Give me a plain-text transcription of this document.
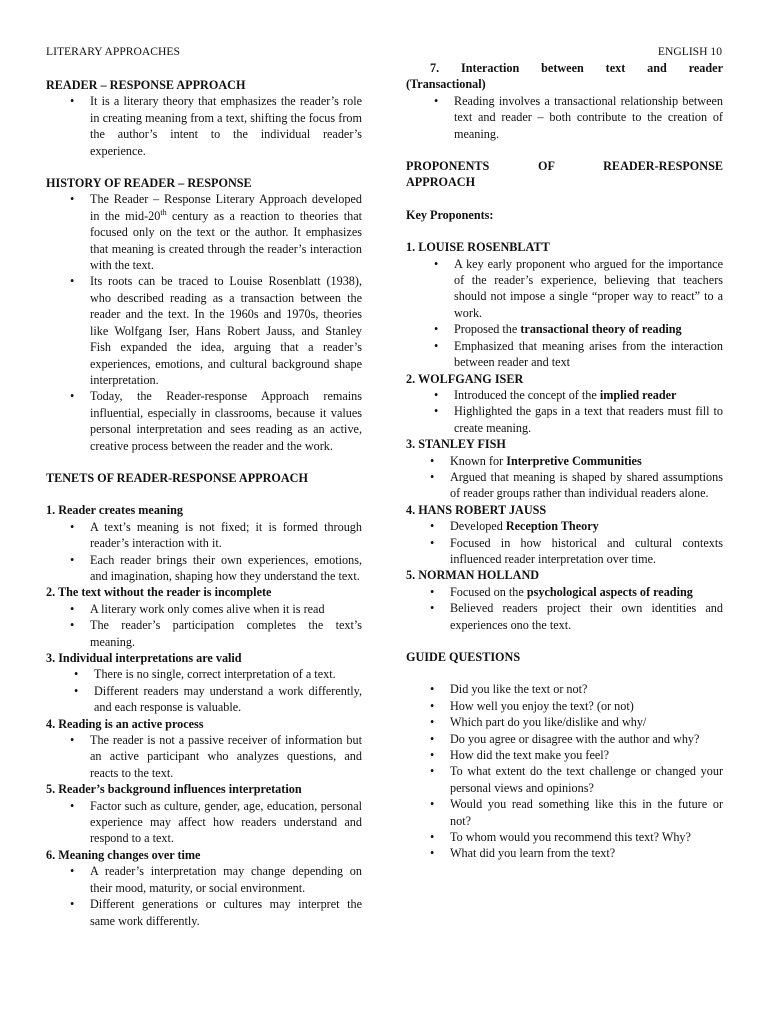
LITERARY APPROACHES	ENGLISH 10
READER – RESPONSE APPROACH
• It is a literary theory that emphasizes the reader’s role in creating meaning from a text, shifting the focus from the author’s intent to the individual reader’s experience.
HISTORY OF READER – RESPONSE
• The Reader – Response Literary Approach developed in the mid-20th century as a reaction to theories that focused only on the text or the author. It emphasizes that meaning is created through the reader’s interaction with the text.
• Its roots can be traced to Louise Rosenblatt (1938), who described reading as a transaction between the reader and the text. In the 1960s and 1970s, theories like Wolfgang Iser, Hans Robert Jauss, and Stanley Fish expanded the idea, arguing that a reader’s experiences, emotions, and cultural background shape interpretation.
• Today, the Reader-response Approach remains influential, especially in classrooms, because it values personal interpretation and sees reading as an active, creative process between the reader and the work.
TENETS OF READER-RESPONSE APPROACH
1. Reader creates meaning
• A text’s meaning is not fixed; it is formed through reader’s interaction with it.
• Each reader brings their own experiences, emotions, and imagination, shaping how they understand the text.
2. The text without the reader is incomplete
• A literary work only comes alive when it is read
• The reader’s participation completes the text’s meaning.
3. Individual interpretations are valid
• There is no single, correct interpretation of a text.
• Different readers may understand a work differently, and each response is valuable.
4. Reading is an active process
• The reader is not a passive receiver of information but an active participant who analyzes questions, and reacts to the text.
5. Reader’s background influences interpretation
• Factor such as culture, gender, age, education, personal experience may affect how readers understand and respond to a text.
6. Meaning changes over time
• A reader’s interpretation may change depending on their mood, maturity, or social environment.
• Different generations or cultures may interpret the same work differently.
7. Interaction between text and reader
(Transactional)
• Reading involves a transactional relationship between text and reader – both contribute to the creation of meaning.
PROPONENTS OF READER-RESPONSE
APPROACH
Key Proponents:
1. LOUISE ROSENBLATT
• A key early proponent who argued for the importance of the reader’s experience, believing that teachers should not impose a single “proper way to react” to a work.
• Proposed the transactional theory of reading
• Emphasized that meaning arises from the interaction between reader and text
2. WOLFGANG ISER
• Introduced the concept of the implied reader
• Highlighted the gaps in a text that readers must fill to create meaning.
3. STANLEY FISH
• Known for Interpretive Communities
• Argued that meaning is shaped by shared assumptions of reader groups rather than individual readers alone.
4. HANS ROBERT JAUSS
• Developed Reception Theory
• Focused in how historical and cultural contexts influenced reader interpretation over time.
5. NORMAN HOLLAND
• Focused on the psychological aspects of reading
• Believed readers project their own identities and experiences ono the text.
GUIDE QUESTIONS
• Did you like the text or not?
• How well you enjoy the text? (or not)
• Which part do you like/dislike and why/
• Do you agree or disagree with the author and why?
• How did the text make you feel?
• To what extent do the text challenge or changed your personal views and opinions?
• Would you read something like this in the future or not?
• To whom would you recommend this text? Why?
• What did you learn from the text?
